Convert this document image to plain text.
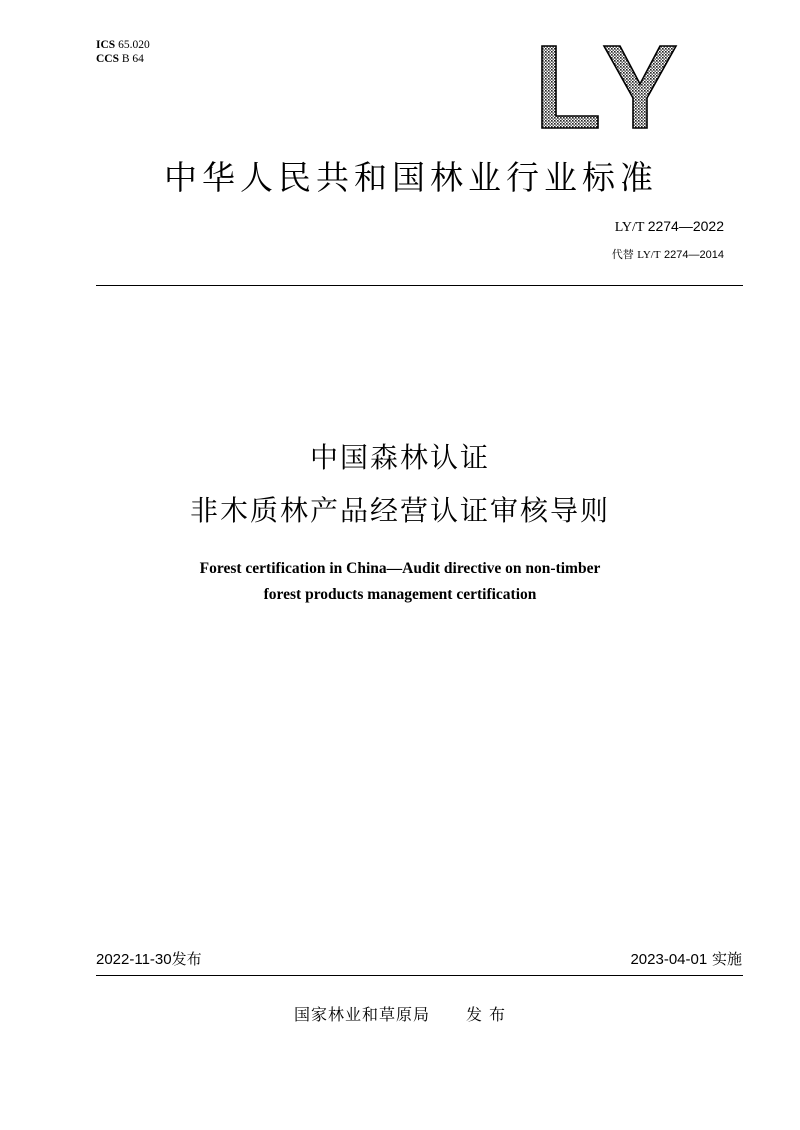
ICS 65.020
CCS B 64
中华人民共和国林业行业标准
LY/T 2274—2022
代替 LY/T 2274—2014
中国森林认证
非木质林产品经营认证审核导则
Forest certification in China—Audit directive on non-timber
forest products management certification
2022-11-30发布	2023-04-01 实施
国家林业和草原局 发 布
